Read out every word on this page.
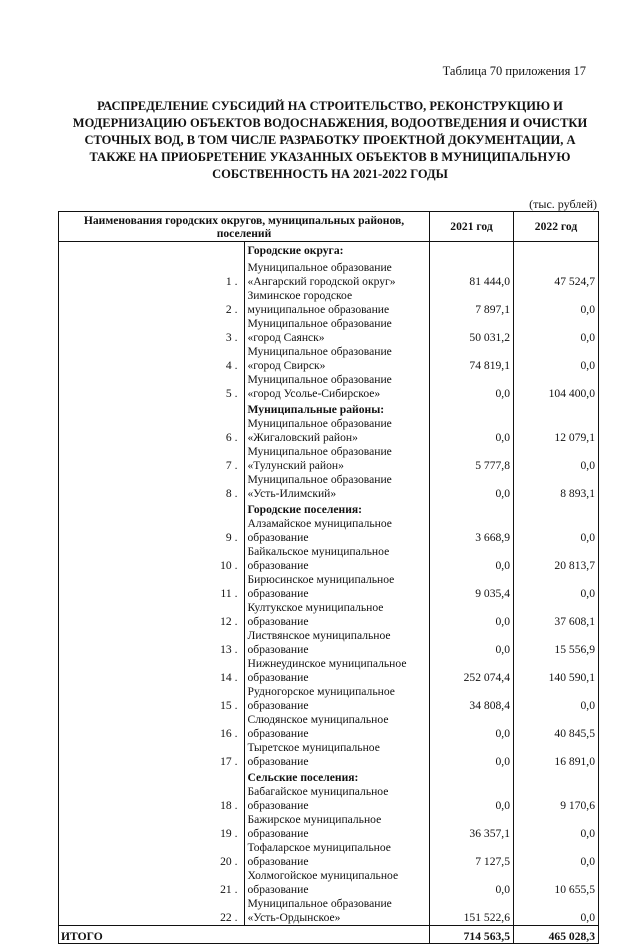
Таблица 70 приложения 17
РАСПРЕДЕЛЕНИЕ СУБСИДИЙ НА СТРОИТЕЛЬСТВО, РЕКОНСТРУКЦИЮ И МОДЕРНИЗАЦИЮ ОБЪЕКТОВ ВОДОСНАБЖЕНИЯ, ВОДООТВЕДЕНИЯ И ОЧИСТКИ СТОЧНЫХ ВОД, В ТОМ ЧИСЛЕ РАЗРАБОТКУ ПРОЕКТНОЙ ДОКУМЕНТАЦИИ, А ТАКЖЕ НА ПРИОБРЕТЕНИЕ УКАЗАННЫХ ОБЪЕКТОВ В МУНИЦИПАЛЬНУЮ СОБСТВЕННОСТЬ НА 2021-2022 ГОДЫ
(тыс. рублей)
Наименования городских округов, муниципальных районов, поселений		2021 год	2022 год
	Городские округа:		
1 .	Муниципальное образование «Ангарский городской округ»	81 444,0	47 524,7
2 .	Зиминское городское муниципальное образование	7 897,1	0,0
3 .	Муниципальное образование «город Саянск»	50 031,2	0,0
4 .	Муниципальное образование «город Свирск»	74 819,1	0,0
5 .	Муниципальное образование «город Усолье-Сибирское»	0,0	104 400,0
	Муниципальные районы:		
6 .	Муниципальное образование «Жигаловский район»	0,0	12 079,1
7 .	Муниципальное образование «Тулунский район»	5 777,8	0,0
8 .	Муниципальное образование «Усть-Илимский»	0,0	8 893,1
	Городские поселения:		
9 .	Алзамайское муниципальное образование	3 668,9	0,0
10 .	Байкальское муниципальное образование	0,0	20 813,7
11 .	Бирюсинское муниципальное образование	9 035,4	0,0
12 .	Култукское муниципальное образование	0,0	37 608,1
13 .	Листвянское муниципальное образование	0,0	15 556,9
14 .	Нижнеудинское муниципальное образование	252 074,4	140 590,1
15 .	Рудногорское муниципальное образование	34 808,4	0,0
16 .	Слюдянское муниципальное образование	0,0	40 845,5
17 .	Тыретское муниципальное образование	0,0	16 891,0
	Сельские поселения:		
18 .	Бабагайское муниципальное образование	0,0	9 170,6
19 .	Бажирское муниципальное образование	36 357,1	0,0
20 .	Тофаларское муниципальное образование	7 127,5	0,0
21 .	Холмогойское муниципальное образование	0,0	10 655,5
22 .	Муниципальное образование «Усть-Ордынское»	151 522,6	0,0
ИТОГО		714 563,5	465 028,3
